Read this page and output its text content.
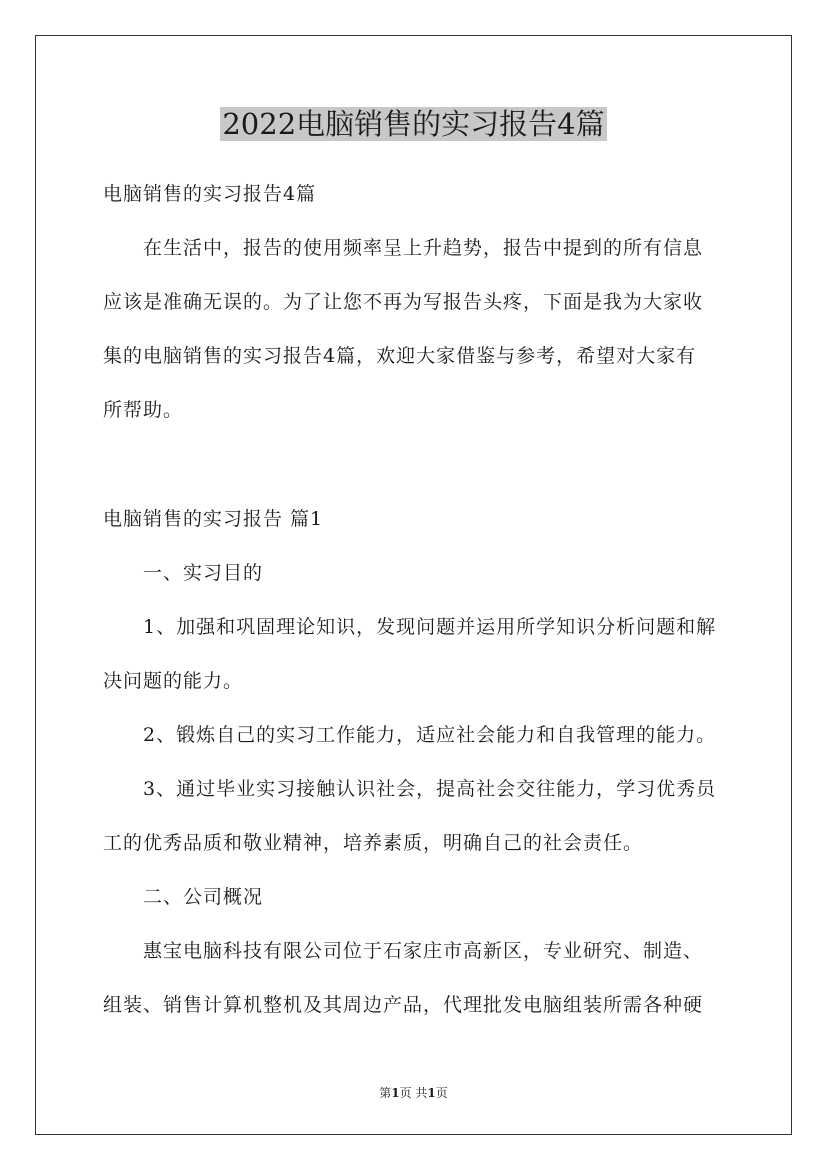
2022电脑销售的实习报告4篇

电脑销售的实习报告4篇

在生活中，报告的使用频率呈上升趋势，报告中提到的所有信息

应该是准确无误的。为了让您不再为写报告头疼，下面是我为大家收

集的电脑销售的实习报告4篇，欢迎大家借鉴与参考，希望对大家有

所帮助。

电脑销售的实习报告 篇1

一、实习目的

1、加强和巩固理论知识，发现问题并运用所学知识分析问题和解

决问题的能力。

2、锻炼自己的实习工作能力，适应社会能力和自我管理的能力。

3、通过毕业实习接触认识社会，提高社会交往能力，学习优秀员

工的优秀品质和敬业精神，培养素质，明确自己的社会责任。

二、公司概况

惠宝电脑科技有限公司位于石家庄市高新区，专业研究、制造、

组装、销售计算机整机及其周边产品，代理批发电脑组装所需各种硬

第1页 共1页
